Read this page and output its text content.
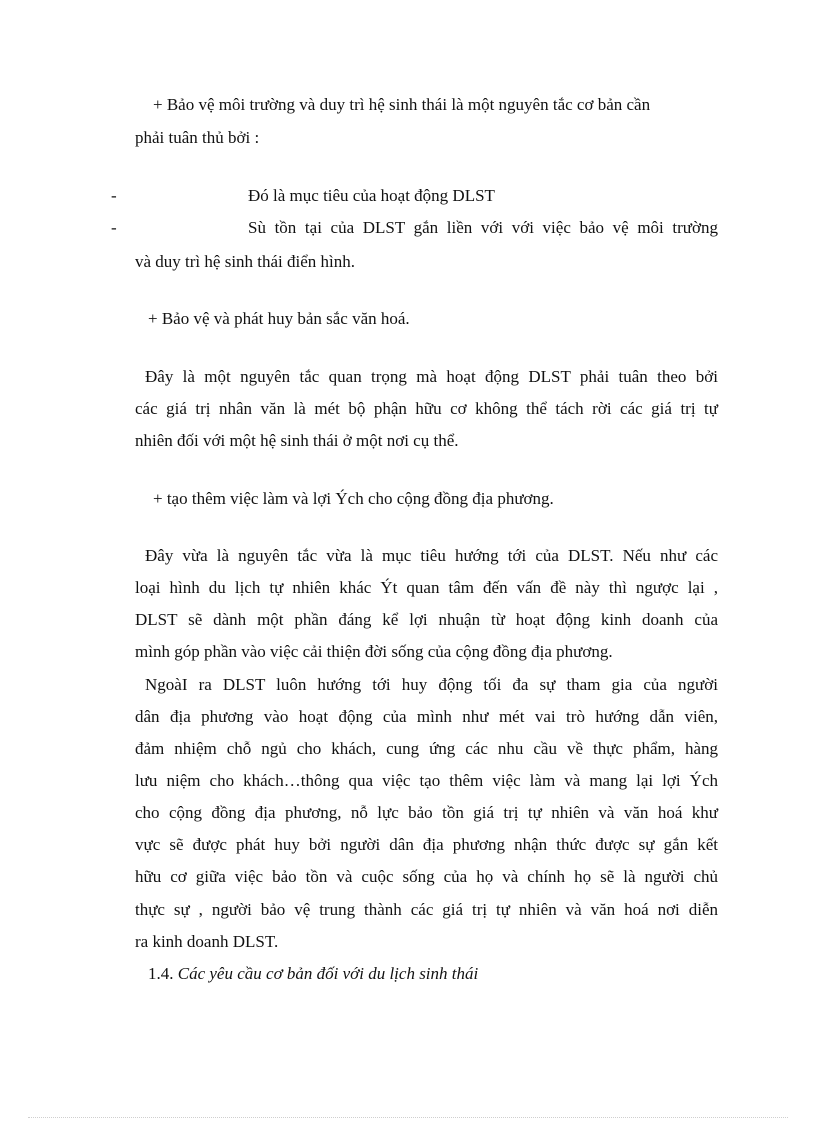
+ Bảo vệ môi trường và duy trì hệ sinh thái là một nguyên tắc cơ bản cần
phải tuân thủ bởi :
-	Đó là mục tiêu của hoạt động DLST
-	Sù tồn tại của DLST gắn liền với với việc bảo vệ môi trường
và duy trì hệ sinh thái điển hình.
+ Bảo vệ và phát huy bản sắc văn hoá.
Đây là một nguyên tắc quan trọng mà hoạt động DLST phải tuân theo bởi
các giá trị nhân văn là mét bộ phận hữu cơ không thể tách rời các giá trị tự
nhiên đối với một hệ sinh thái ở một nơi cụ thể.
+ tạo thêm việc làm và lợi Ých cho cộng đồng địa phương.
Đây vừa là nguyên tắc vừa là mục tiêu hướng tới của DLST. Nếu như các
loại hình du lịch tự nhiên khác Ýt quan tâm đến vấn đề này thì ngược lại ,
DLST sẽ dành một phần đáng kể lợi nhuận từ hoạt động kinh doanh của
mình góp phần vào việc cải thiện đời sống của cộng đồng địa phương.
NgoàI ra DLST luôn hướng tới huy động tối đa sự tham gia của người
dân địa phương vào hoạt động của mình như mét vai trò hướng dẫn viên,
đảm nhiệm chỗ ngủ cho khách, cung ứng các nhu cầu về thực phẩm, hàng
lưu niệm cho khách…thông qua việc tạo thêm việc làm và mang lại lợi Ých
cho cộng đồng địa phương, nỗ lực bảo tồn giá trị tự nhiên và văn hoá khư
vực sẽ được phát huy bởi người dân địa phương nhận thức được sự gắn kết
hữu cơ giữa việc bảo tồn và cuộc sống của họ và chính họ sẽ là người chủ
thực sự , người bảo vệ trung thành các giá trị tự nhiên và văn hoá nơi diễn
ra kinh doanh DLST.
1.4. Các yêu cầu cơ bản đối với du lịch sinh thái
